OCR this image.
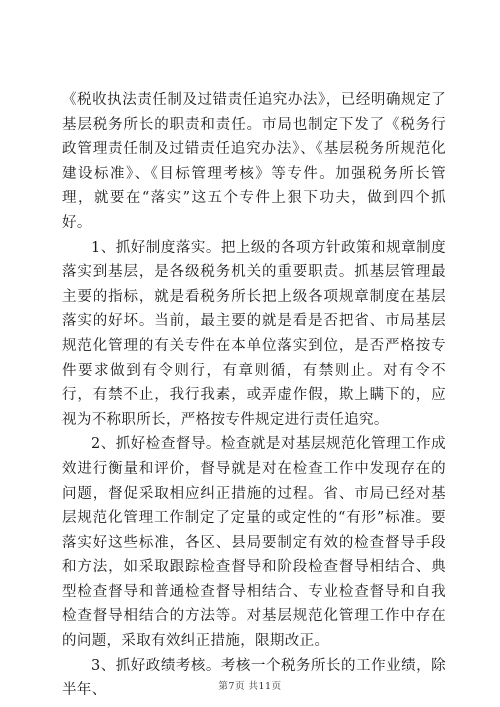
《税收执法责任制及过错责任追究办法》，已经明确规定了基层税务所长的职责和责任。市局也制定下发了《税务行政管理责任制及过错责任追究办法》、《基层税务所规范化建设标准》、《目标管理考核》等专件。加强税务所长管理，就要在“落实”这五个专件上狠下功夫，做到四个抓好。

1、抓好制度落实。把上级的各项方针政策和规章制度落实到基层，是各级税务机关的重要职责。抓基层管理最主要的指标，就是看税务所长把上级各项规章制度在基层落实的好坏。当前，最主要的就是看是否把省、市局基层规范化管理的有关专件在本单位落实到位，是否严格按专件要求做到有令则行，有章则循，有禁则止。对有令不行，有禁不止，我行我素，或弄虚作假，欺上瞒下的，应视为不称职所长，严格按专件规定进行责任追究。

2、抓好检查督导。检查就是对基层规范化管理工作成效进行衡量和评价，督导就是对在检查工作中发现存在的问题，督促采取相应纠正措施的过程。省、市局已经对基层规范化管理工作制定了定量的或定性的“有形”标准。要落实好这些标准，各区、县局要制定有效的检查督导手段和方法，如采取跟踪检查督导和阶段检查督导相结合、典型检查督导和普通检查督导相结合、专业检查督导和自我检查督导相结合的方法等。对基层规范化管理工作中存在的问题，采取有效纠正措施，限期改正。

3、抓好政绩考核。考核一个税务所长的工作业绩，除半年、	第7页 共11页
